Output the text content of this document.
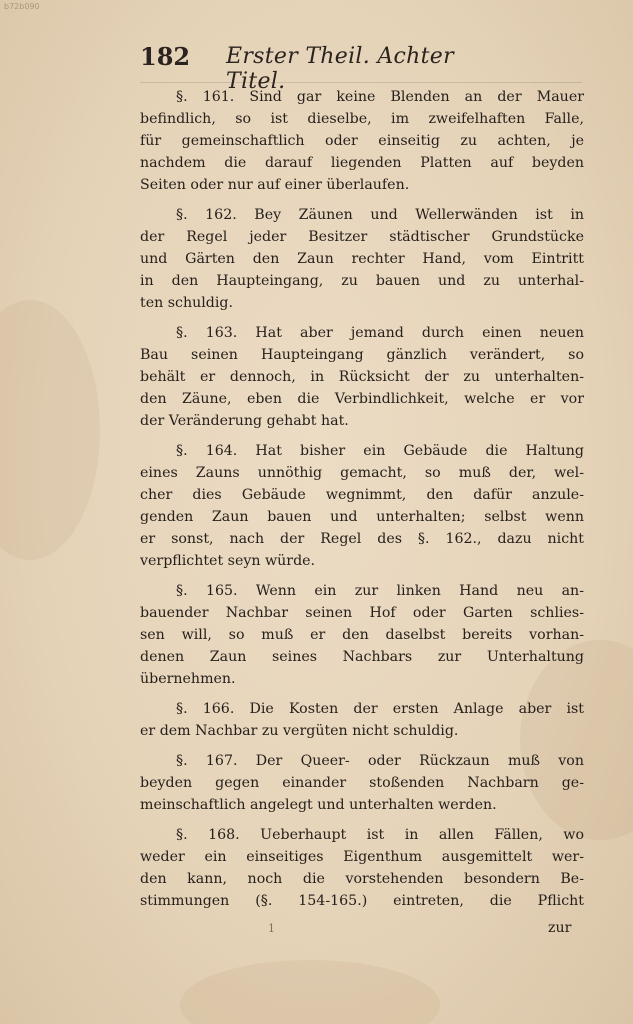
b72b090
182 Erster Theil. Achter Titel.
§. 161. Sind gar keine Blenden an der Mauer
befindlich, so ist dieselbe, im zweifelhaften Falle,
für gemeinschaftlich oder einseitig zu achten, je
nachdem die darauf liegenden Platten auf beyden
Seiten oder nur auf einer überlaufen.
§. 162. Bey Zäunen und Wellerwänden ist in
der Regel jeder Besitzer städtischer Grundstücke
und Gärten den Zaun rechter Hand, vom Eintritt
in den Haupteingang, zu bauen und zu unterhal-
ten schuldig.
§. 163. Hat aber jemand durch einen neuen
Bau seinen Haupteingang gänzlich verändert, so
behält er dennoch, in Rücksicht der zu unterhalten-
den Zäune, eben die Verbindlichkeit, welche er vor
der Veränderung gehabt hat.
§. 164. Hat bisher ein Gebäude die Haltung
eines Zauns unnöthig gemacht, so muß der, wel-
cher dies Gebäude wegnimmt, den dafür anzule-
genden Zaun bauen und unterhalten; selbst wenn
er sonst, nach der Regel des §. 162., dazu nicht
verpflichtet seyn würde.
§. 165. Wenn ein zur linken Hand neu an-
bauender Nachbar seinen Hof oder Garten schlies-
sen will, so muß er den daselbst bereits vorhan-
denen Zaun seines Nachbars zur Unterhaltung
übernehmen.
§. 166. Die Kosten der ersten Anlage aber ist
er dem Nachbar zu vergüten nicht schuldig.
§. 167. Der Queer- oder Rückzaun muß von
beyden gegen einander stoßenden Nachbarn ge-
meinschaftlich angelegt und unterhalten werden.
§. 168. Ueberhaupt ist in allen Fällen, wo
weder ein einseitiges Eigenthum ausgemittelt wer-
den kann, noch die vorstehenden besondern Be-
stimmungen (§. 154-165.) eintreten, die Pflicht
1	zur
